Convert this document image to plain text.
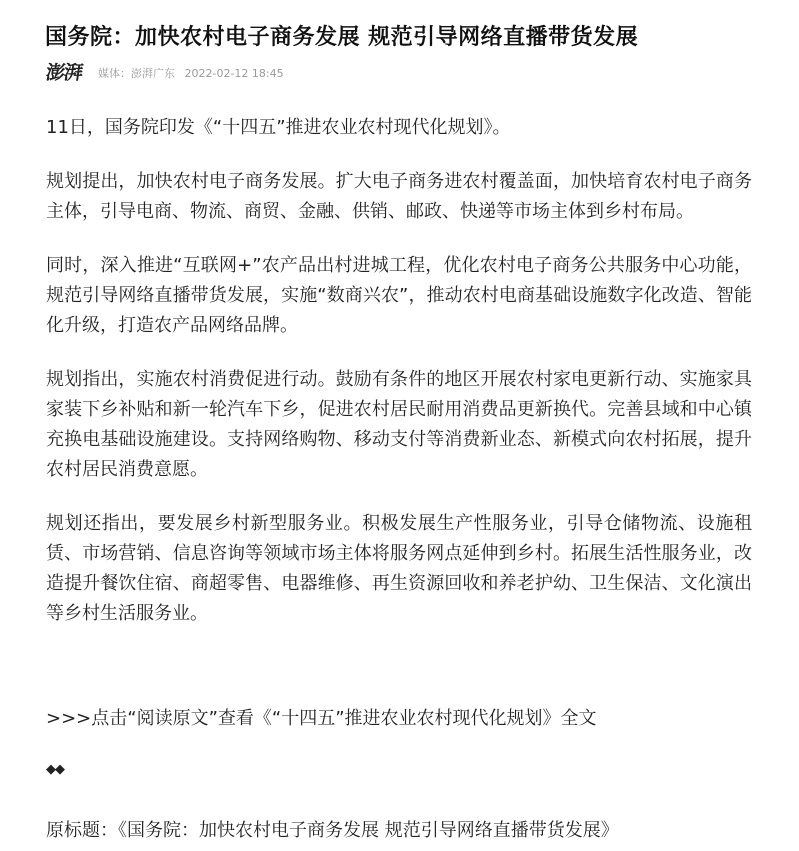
国务院：加快农村电子商务发展 规范引导网络直播带货发展
澎湃	媒体：澎湃广东 2022-02-12 18:45

11日，国务院印发《“十四五”推进农业农村现代化规划》。

规划提出，加快农村电子商务发展。扩大电子商务进农村覆盖面，加快培育农村电子商务主体，引导电商、物流、商贸、金融、供销、邮政、快递等市场主体到乡村布局。

同时，深入推进“互联网+”农产品出村进城工程，优化农村电子商务公共服务中心功能，规范引导网络直播带货发展，实施“数商兴农”，推动农村电商基础设施数字化改造、智能化升级，打造农产品网络品牌。

规划指出，实施农村消费促进行动。鼓励有条件的地区开展农村家电更新行动、实施家具家装下乡补贴和新一轮汽车下乡，促进农村居民耐用消费品更新换代。完善县域和中心镇充换电基础设施建设。支持网络购物、移动支付等消费新业态、新模式向农村拓展，提升农村居民消费意愿。

规划还指出，要发展乡村新型服务业。积极发展生产性服务业，引导仓储物流、设施租赁、市场营销、信息咨询等领域市场主体将服务网点延伸到乡村。拓展生活性服务业，改造提升餐饮住宿、商超零售、电器维修、再生资源回收和养老护幼、卫生保洁、文化演出等乡村生活服务业。

>>>点击“阅读原文”查看《“十四五”推进农业农村现代化规划》全文

◆◆
原标题：《国务院：加快农村电子商务发展 规范引导网络直播带货发展》
